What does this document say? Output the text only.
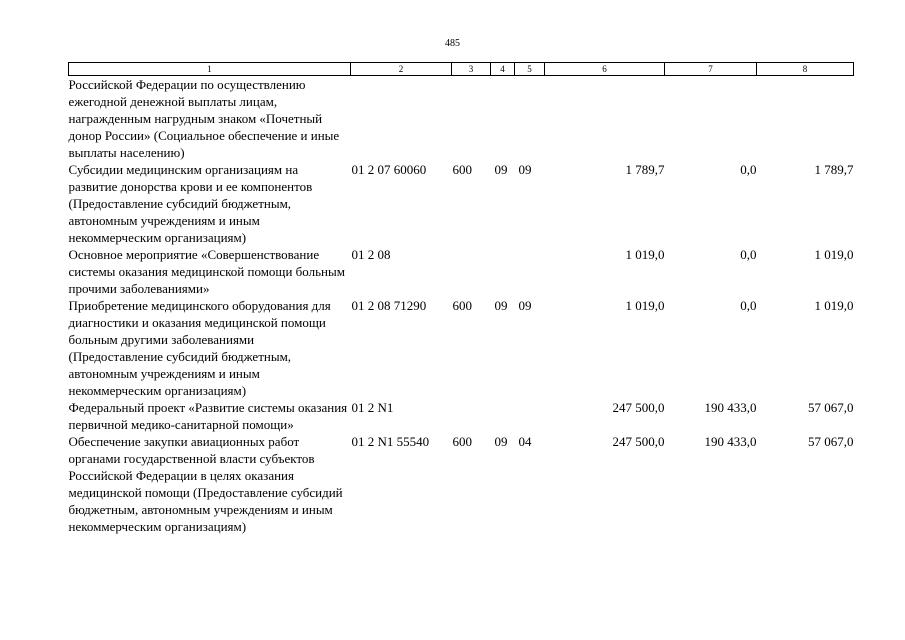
485
1	2	3	4	5	6	7	8
Российской Федерации по осуществлению ежегодной денежной выплаты лицам, награжденным нагрудным знаком «Почетный донор России» (Социальное обеспечение и иные выплаты населению)							
Субсидии медицинским организациям на развитие донорства крови и ее компонентов (Предоставление субсидий бюджетным, автономным учреждениям и иным некоммерческим организациям)	01 2 07 60060	600	09	09	1 789,7	0,0	1 789,7
Основное мероприятие «Совершенствование системы оказания медицинской помощи больным прочими заболеваниями»	01 2 08				1 019,0	0,0	1 019,0
Приобретение медицинского оборудования для диагностики и оказания медицинской помощи больным другими заболеваниями (Предоставление субсидий бюджетным, автономным учреждениям и иным некоммерческим организациям)	01 2 08 71290	600	09	09	1 019,0	0,0	1 019,0
Федеральный проект «Развитие системы оказания первичной медико-санитарной помощи»	01 2 N1				247 500,0	190 433,0	57 067,0
Обеспечение закупки авиационных работ органами государственной власти субъектов Российской Федерации в целях оказания медицинской помощи (Предоставление субсидий бюджетным, автономным учреждениям и иным некоммерческим организациям)	01 2 N1 55540	600	09	04	247 500,0	190 433,0	57 067,0
